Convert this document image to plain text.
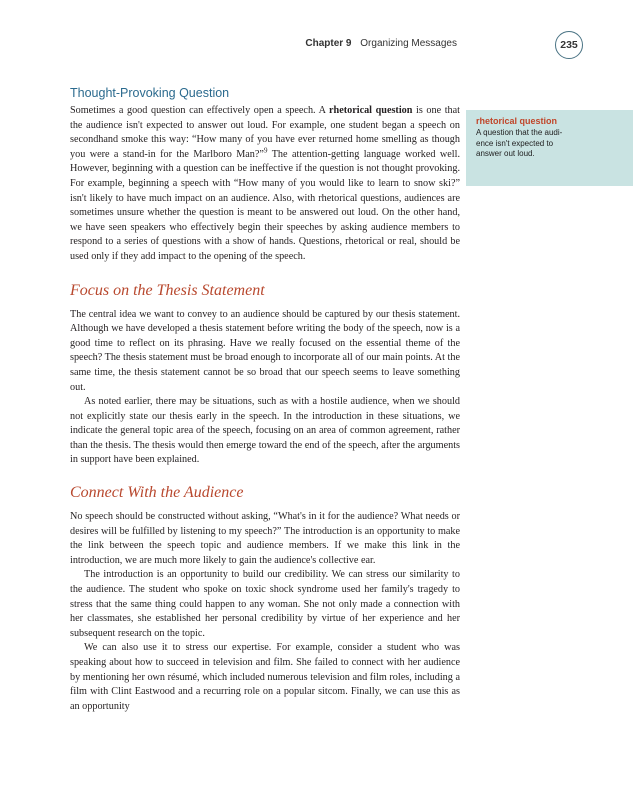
Chapter 9 Organizing Messages	235
rhetorical question
A question that the audi- ence isn't expected to answer out loud.
Thought-Provoking Question

Sometimes a good question can effectively open a speech. A rhetorical question is one that the audience isn't expected to answer out loud. For example, one student began a speech on secondhand smoke this way: “How many of you have ever returned home smelling as though you were a stand-in for the Marlboro Man?”$^9$ The attention-getting language worked well. However, beginning with a question can be ineffective if the question is not thought provoking. For example, beginning a speech with “How many of you would like to learn to snow ski?” isn't likely to have much impact on an audience. Also, with rhetorical questions, audiences are sometimes unsure whether the question is meant to be answered out loud. On the other hand, we have seen speakers who effectively begin their speeches by asking audience members to respond to a series of questions with a show of hands. Questions, rhetorical or real, should be used only if they add impact to the opening of the speech.

Focus on the Thesis Statement

The central idea we want to convey to an audience should be captured by our thesis statement. Although we have developed a thesis statement before writing the body of the speech, now is a good time to reflect on its phrasing. Have we really focused on the essential theme of the speech? The thesis statement must be broad enough to incorporate all of our main points. At the same time, the thesis statement cannot be so broad that our speech seems to leave something out.

As noted earlier, there may be situations, such as with a hostile audience, when we should not explicitly state our thesis early in the speech. In the introduction in these situations, we indicate the general topic area of the speech, focusing on an area of common agreement, rather than the thesis. The thesis would then emerge toward the end of the speech, after the arguments in support have been explained.

Connect With the Audience

No speech should be constructed without asking, “What's in it for the audience? What needs or desires will be fulfilled by listening to my speech?” The introduction is an opportunity to make the link between the speech topic and audience members. If we make this link in the introduction, we are much more likely to gain the audience's collective ear.

The introduction is an opportunity to build our credibility. We can stress our similarity to the audience. The student who spoke on toxic shock syndrome used her family's tragedy to stress that the same thing could happen to any woman. She not only made a connection with her classmates, she established her personal credibility by virtue of her experience and her subsequent research on the topic.

We can also use it to stress our expertise. For example, consider a student who was speaking about how to succeed in television and film. She failed to connect with her audience by mentioning her own résumé, which included numerous television and film roles, including a film with Clint Eastwood and a recurring role on a popular sitcom. Finally, we can use this as an opportunity
